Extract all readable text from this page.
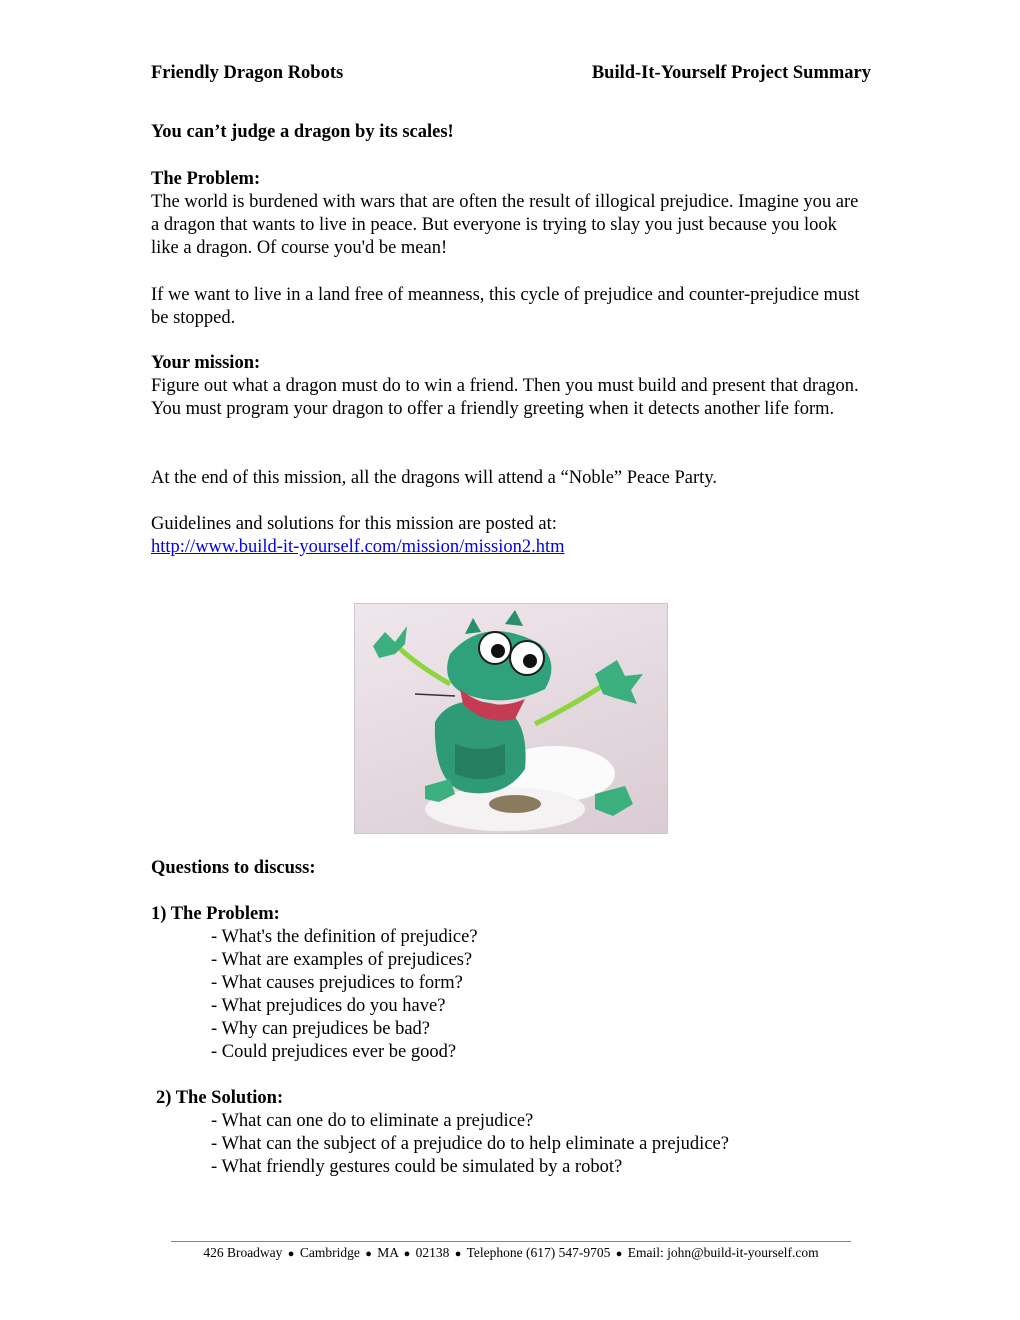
Friendly Dragon Robots	Build-It-Yourself Project Summary

You can’t judge a dragon by its scales!

The Problem:

The world is burdened with wars that are often the result of illogical prejudice. Imagine you are a dragon that wants to live in peace. But everyone is trying to slay you just because you look like a dragon. Of course you'd be mean!

If we want to live in a land free of meanness, this cycle of prejudice and counter-prejudice must be stopped.

Your mission:

Figure out what a dragon must do to win a friend. Then you must build and present that dragon. You must program your dragon to offer a friendly greeting when it detects another life form.

At the end of this mission, all the dragons will attend a “Noble” Peace Party.

Guidelines and solutions for this mission are posted at:

http://www.build-it-yourself.com/mission/mission2.htm

Questions to discuss:

1) The Problem:

- What's the definition of prejudice?
- What are examples of prejudices?
- What causes prejudices to form?
- What prejudices do you have?
- Why can prejudices be bad?
- Could prejudices ever be good?

2) The Solution:

- What can one do to eliminate a prejudice?
- What can the subject of a prejudice do to help eliminate a prejudice?
- What friendly gestures could be simulated by a robot?
426 Broadway ● Cambridge ● MA ● 02138 ● Telephone (617) 547-9705 ● Email: john@build-it-yourself.com
